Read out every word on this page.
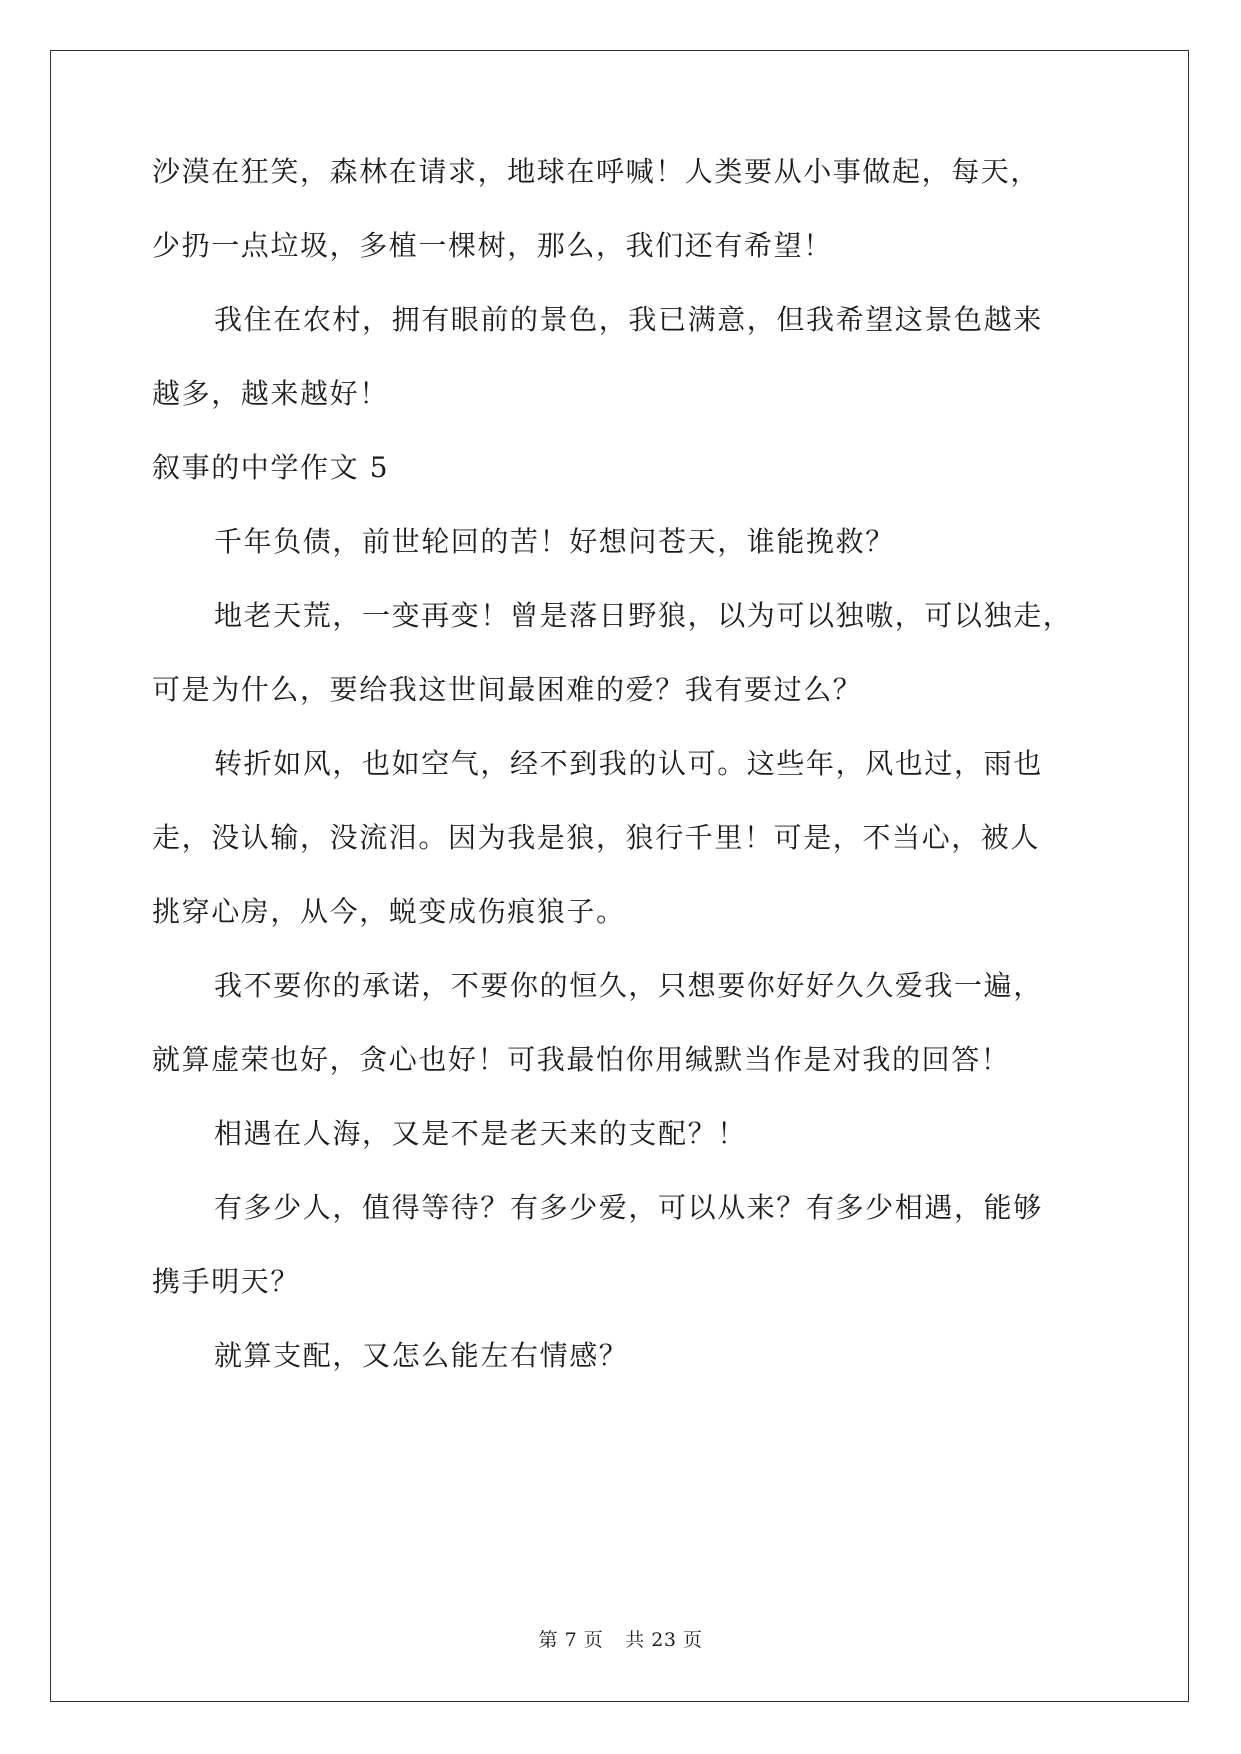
沙漠在狂笑，森林在请求，地球在呼喊！人类要从小事做起，每天，
少扔一点垃圾，多植一棵树，那么，我们还有希望！
我住在农村，拥有眼前的景色，我已满意，但我希望这景色越来
越多，越来越好！
叙事的中学作文 5
千年负债，前世轮回的苦！好想问苍天，谁能挽救？
地老天荒，一变再变！曾是落日野狼，以为可以独嗷，可以独走，
可是为什么，要给我这世间最困难的爱？我有要过么？
转折如风，也如空气，经不到我的认可。这些年，风也过，雨也
走，没认输，没流泪。因为我是狼，狼行千里！可是，不当心，被人
挑穿心房，从今，蜕变成伤痕狼子。
我不要你的承诺，不要你的恒久，只想要你好好久久爱我一遍，
就算虚荣也好，贪心也好！可我最怕你用缄默当作是对我的回答！
相遇在人海，又是不是老天来的支配？！
有多少人，值得等待？有多少爱，可以从来？有多少相遇，能够
携手明天？
就算支配，又怎么能左右情感？
第 7 页 共 23 页
